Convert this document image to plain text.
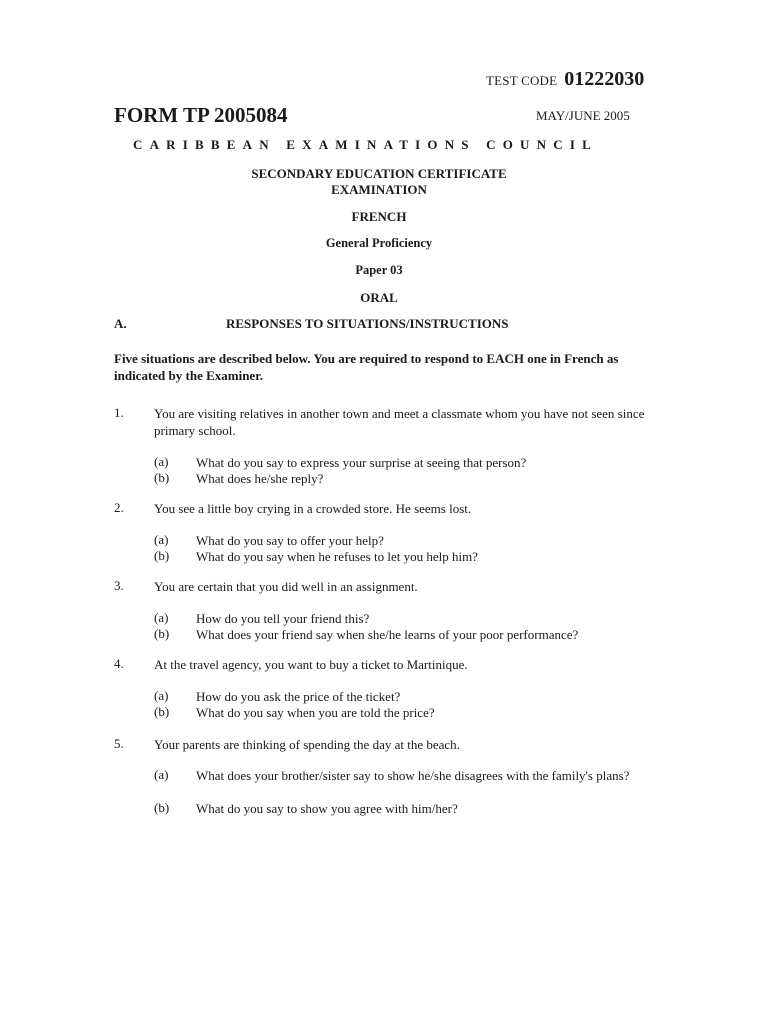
TEST CODE 01222030
FORM TP 2005084	MAY/JUNE 2005
CARIBBEAN EXAMINATIONS COUNCIL
SECONDARY EDUCATION CERTIFICATE
EXAMINATION
FRENCH
General Proficiency
Paper 03
ORAL
A.	RESPONSES TO SITUATIONS/INSTRUCTIONS
Five situations are described below. You are required to respond to EACH one in French as indicated by the Examiner.
1. You are visiting relatives in another town and meet a classmate whom you have not seen since primary school.
(a) What do you say to express your surprise at seeing that person?
(b) What does he/she reply?
2. You see a little boy crying in a crowded store. He seems lost.
(a) What do you say to offer your help?
(b) What do you say when he refuses to let you help him?
3. You are certain that you did well in an assignment.
(a) How do you tell your friend this?
(b) What does your friend say when she/he learns of your poor performance?
4. At the travel agency, you want to buy a ticket to Martinique.
(a) How do you ask the price of the ticket?
(b) What do you say when you are told the price?
5. Your parents are thinking of spending the day at the beach.
(a) What does your brother/sister say to show he/she disagrees with the family's plans?
(b) What do you say to show you agree with him/her?
